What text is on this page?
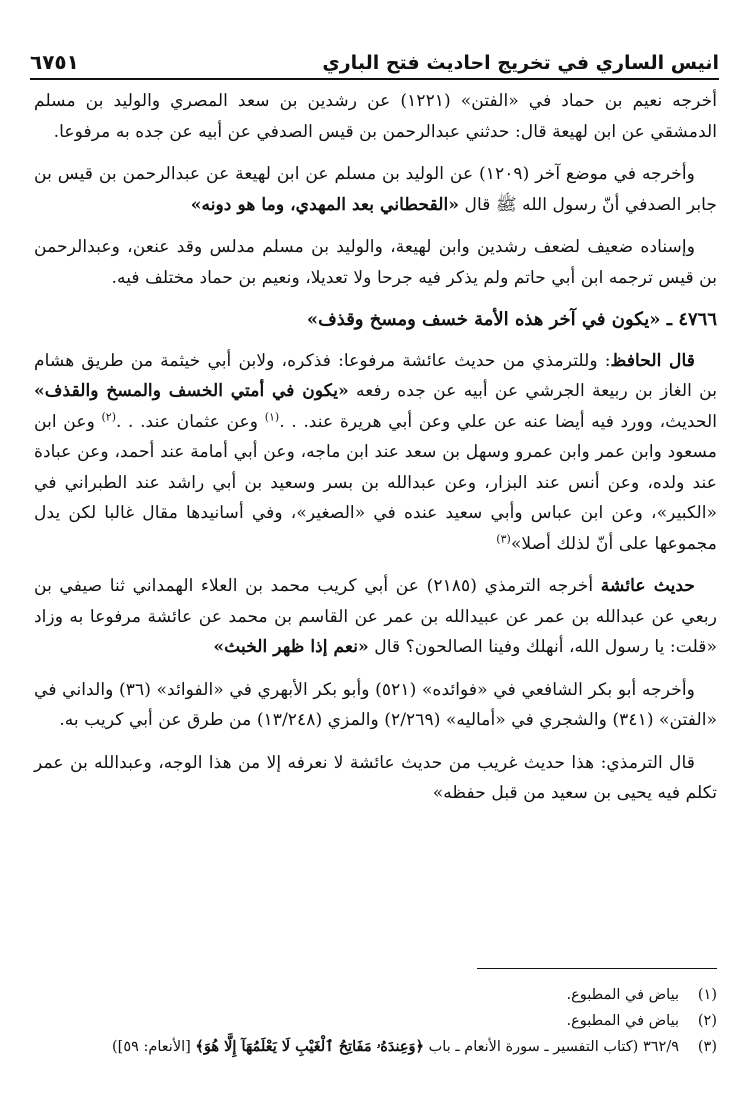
انيس الساري في تخريج احاديث فتح الباري
٦٧٥١

أخرجه نعيم بن حماد في «الفتن» (١٢٢١) عن رشدين بن سعد المصري والوليد بن مسلم الدمشقي عن ابن لهيعة قال: حدثني عبدالرحمن بن قيس الصدفي عن أبيه عن جده به مرفوعا.

وأخرجه في موضع آخر (١٢٠٩) عن الوليد بن مسلم عن ابن لهيعة عن عبدالرحمن بن قيس بن جابر الصدفي أنّ رسول الله ﷺ قال «القحطاني بعد المهدي، وما هو دونه»

وإسناده ضعيف لضعف رشدين وابن لهيعة، والوليد بن مسلم مدلس وقد عنعن، وعبدالرحمن بن قيس ترجمه ابن أبي حاتم ولم يذكر فيه جرحا ولا تعديلا، ونعيم بن حماد مختلف فيه.

٤٧٦٦ ـ «يكون في آخر هذه الأمة خسف ومسخ وقذف»

قال الحافظ: وللترمذي من حديث عائشة مرفوعا: فذكره، ولابن أبي خيثمة من طريق هشام بن الغاز بن ربيعة الجرشي عن أبيه عن جده رفعه «يكون في أمتي الخسف والمسخ والقذف» الحديث، وورد فيه أيضا عنه عن علي وعن أبي هريرة عند. . .$^{(١)}$ وعن عثمان عند. . .$^{(٢)}$ وعن ابن مسعود وابن عمر وابن عمرو وسهل بن سعد عند ابن ماجه، وعن أبي أمامة عند أحمد، وعن عبادة عند ولده، وعن أنس عند البزار، وعن عبدالله بن بسر وسعيد بن أبي راشد عند الطبراني في «الكبير»، وعن ابن عباس وأبي سعيد عنده في «الصغير»، وفي أسانيدها مقال غالبا لكن يدل مجموعها على أنّ لذلك أصلا»$^{(٣)}$

حديث عائشة أخرجه الترمذي (٢١٨٥) عن أبي كريب محمد بن العلاء الهمداني ثنا صيفي بن ربعي عن عبدالله بن عمر عن عبيدالله بن عمر عن القاسم بن محمد عن عائشة مرفوعا به وزاد «قلت: يا رسول الله، أنهلك وفينا الصالحون؟ قال «نعم إذا ظهر الخبث»

وأخرجه أبو بكر الشافعي في «فوائده» (٥٢١) وأبو بكر الأبهري في «الفوائد» (٣٦) والداني في «الفتن» (٣٤١) والشجري في «أماليه» (٢/٢٦٩) والمزي (١٣/٢٤٨) من طرق عن أبي كريب به.

قال الترمذي: هذا حديث غريب من حديث عائشة لا نعرفه إلا من هذا الوجه، وعبدالله بن عمر تكلم فيه يحيى بن سعيد من قبل حفظه»

(١)
بياض في المطبوع.
(٢)
بياض في المطبوع.
(٣)
٣٦٢/٩ (كتاب التفسير ـ سورة الأنعام ـ باب ﴿وَعِندَهُۥ مَفَاتِحُ ٱلْغَيْبِ لَا يَعْلَمُهَآ إِلَّا هُوَ﴾ [الأنعام: ٥٩])
